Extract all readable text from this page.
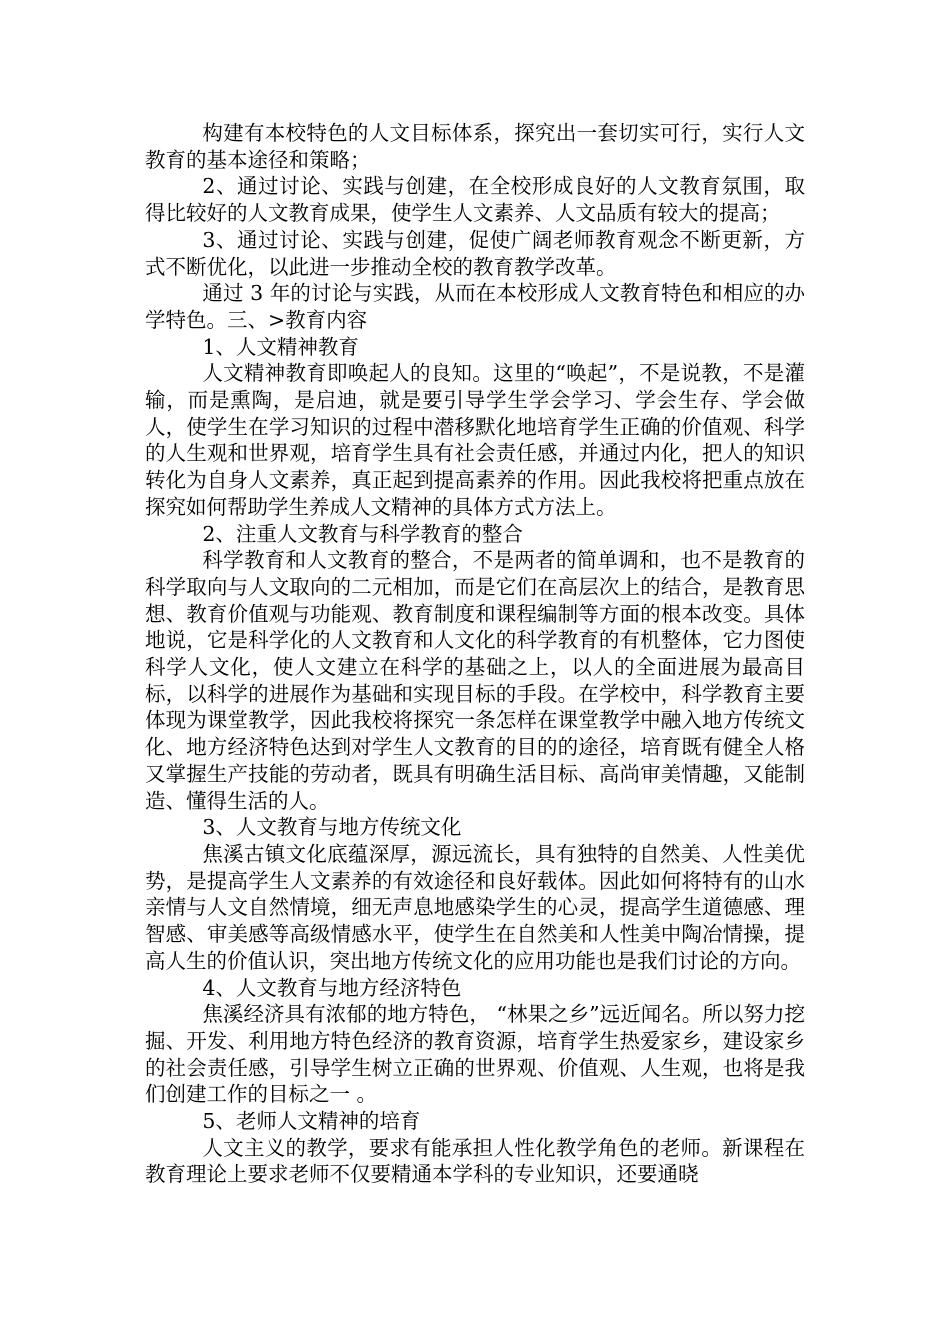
构建有本校特色的人文目标体系，探究出一套切实可行，实行人文教育的基本途径和策略；

2、通过讨论、实践与创建，在全校形成良好的人文教育氛围，取得比较好的人文教育成果，使学生人文素养、人文品质有较大的提高；

3、通过讨论、实践与创建，促使广阔老师教育观念不断更新，方式不断优化，以此进一步推动全校的教育教学改革。

通过 3 年的讨论与实践，从而在本校形成人文教育特色和相应的办学特色。三、>教育内容

1、人文精神教育

人文精神教育即唤起人的良知。这里的“唤起”，不是说教，不是灌输，而是熏陶，是启迪，就是要引导学生学会学习、学会生存、学会做人，使学生在学习知识的过程中潜移默化地培育学生正确的价值观、科学的人生观和世界观，培育学生具有社会责任感，并通过内化，把人的知识转化为自身人文素养，真正起到提高素养的作用。因此我校将把重点放在探究如何帮助学生养成人文精神的具体方式方法上。

2、注重人文教育与科学教育的整合

科学教育和人文教育的整合，不是两者的简单调和，也不是教育的科学取向与人文取向的二元相加，而是它们在高层次上的结合，是教育思想、教育价值观与功能观、教育制度和课程编制等方面的根本改变。具体地说，它是科学化的人文教育和人文化的科学教育的有机整体，它力图使科学人文化，使人文建立在科学的基础之上，以人的全面进展为最高目标，以科学的进展作为基础和实现目标的手段。在学校中，科学教育主要体现为课堂教学，因此我校将探究一条怎样在课堂教学中融入地方传统文化、地方经济特色达到对学生人文教育的目的的途径，培育既有健全人格又掌握生产技能的劳动者，既具有明确生活目标、高尚审美情趣，又能制造、懂得生活的人。

3、人文教育与地方传统文化

焦溪古镇文化底蕴深厚，源远流长，具有独特的自然美、人性美优势，是提高学生人文素养的有效途径和良好载体。因此如何将特有的山水亲情与人文自然情境，细无声息地感染学生的心灵，提高学生道德感、理智感、审美感等高级情感水平，使学生在自然美和人性美中陶冶情操，提高人生的价值认识，突出地方传统文化的应用功能也是我们讨论的方向。

4、人文教育与地方经济特色

焦溪经济具有浓郁的地方特色， “林果之乡”远近闻名。所以努力挖掘、开发、利用地方特色经济的教育资源，培育学生热爱家乡，建设家乡的社会责任感，引导学生树立正确的世界观、价值观、人生观，也将是我们创建工作的目标之一 。

5、老师人文精神的培育

人文主义的教学，要求有能承担人性化教学角色的老师。新课程在教育理论上要求老师不仅要精通本学科的专业知识，还要通晓
